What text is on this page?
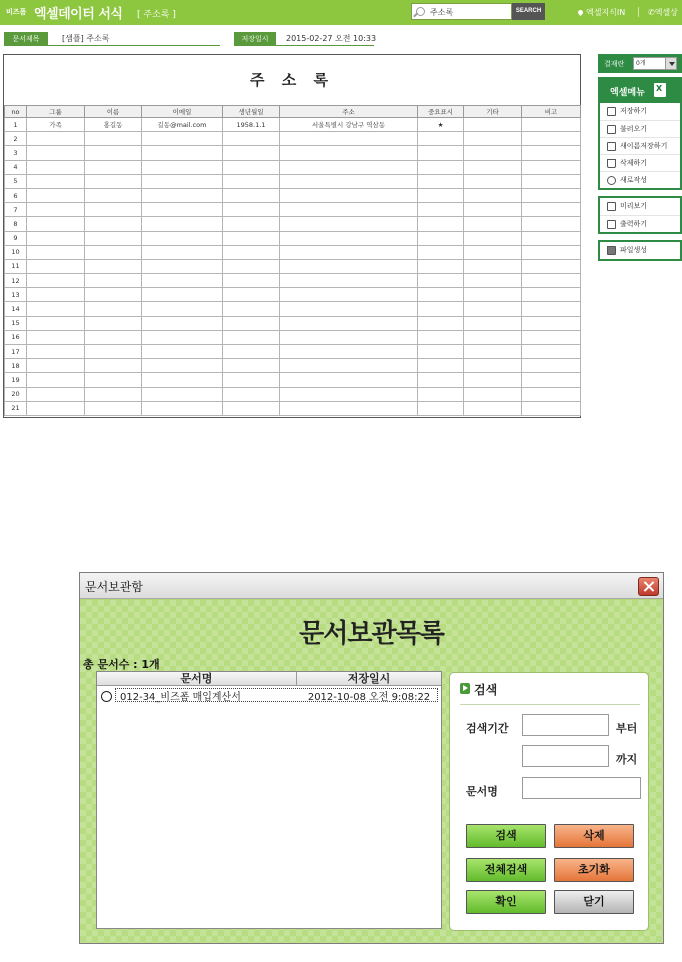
비즈폼 엑셀데이터 서식 [ 주소록 ]
주소록	SEARCH	엑셀지식IN	✆엑셀상
문서제목	[샘플] 주소록	저장일시	2015-02-27 오전 10:33
주 소 록
no	그룹	이름	이메일	생년월일	주소	중요표시	기타	비고
1	가족	홍길동	길동@mail.com	1958.1.1	서울특별시 강남구 역삼동	★		
2								
3								
4								
5								
6								
7								
8								
9								
10								
11								
12								
13								
14								
15								
16								
17								
18								
19								
20								
21								
결재란	0개
엑셀메뉴
X
저장하기
불러오기
새이름저장하기
삭제하기
새로작성
미리보기
출력하기
파일생성
문서보관함
문서보관목록
총 문서수 : 1개
문서명	저장일시
012-34_비즈폼 매입계산서	2012-10-08 오전 9:08:22
검색
검색기간	부터
까지
문서명
검색	삭제
전체검색	초기화
확인	닫기
